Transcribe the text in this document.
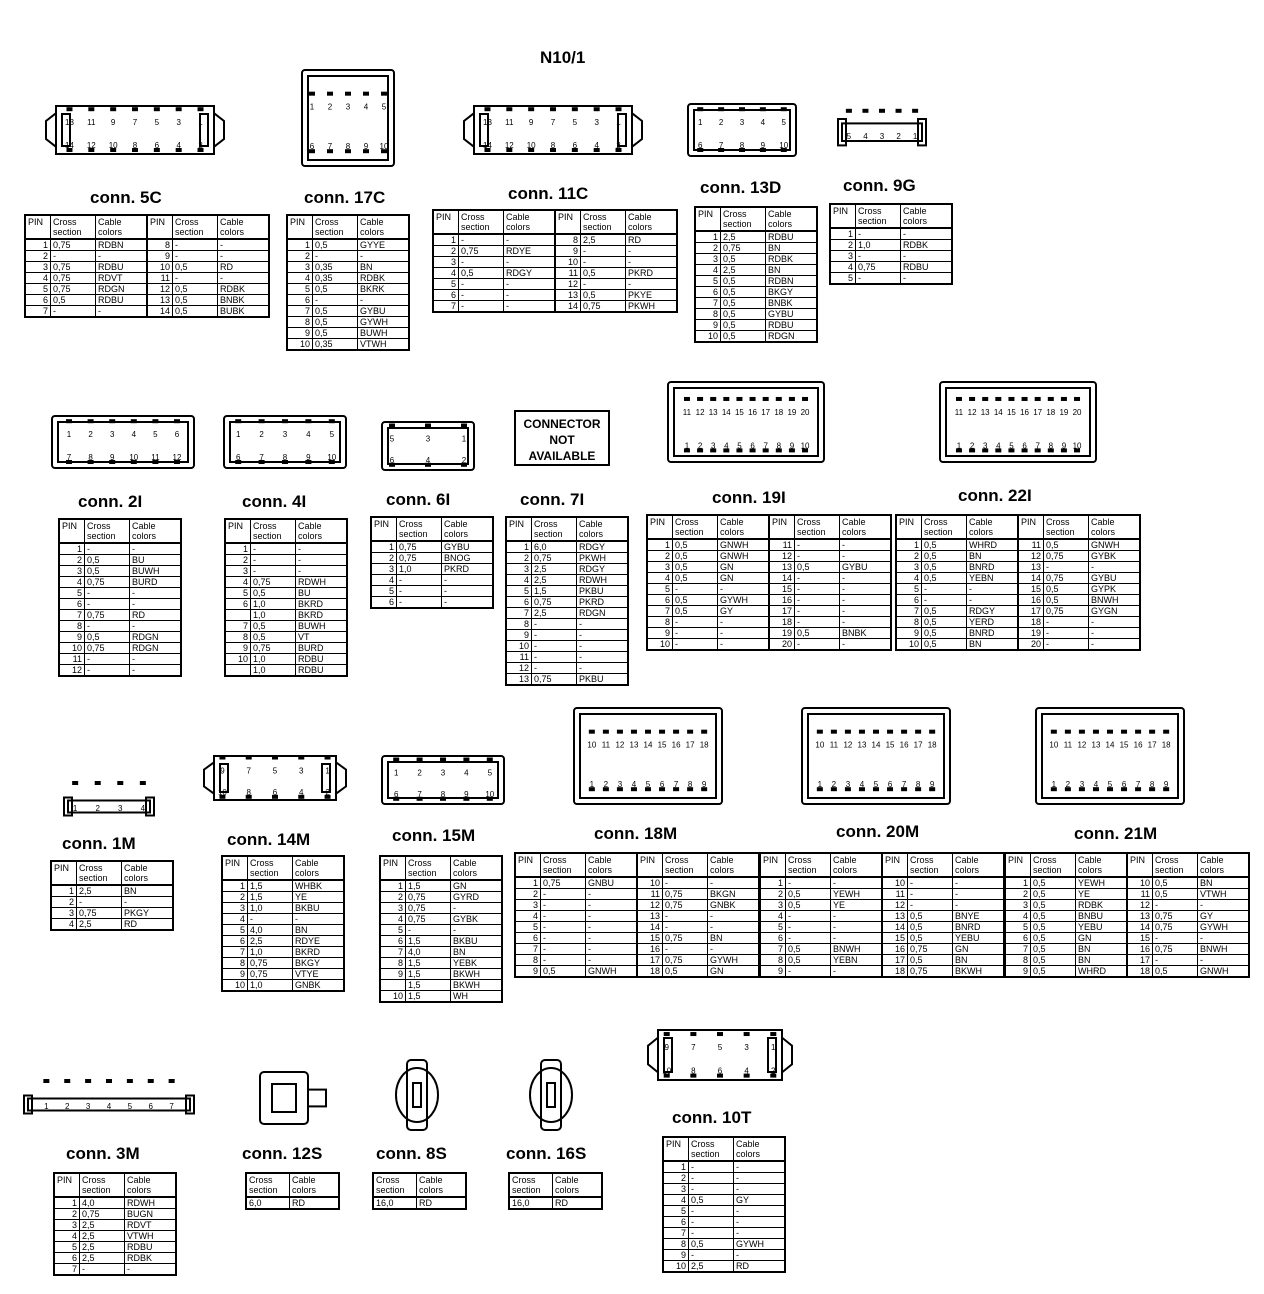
N10/1
CONNECTOR
NOT
AVAILABLE
conn. 5C	conn. 17C	conn. 11C	conn. 13D	conn. 9G
conn. 2I	conn. 4I	conn. 6I	conn. 7I	conn. 19I	conn. 22I
conn. 1M	conn. 14M	conn. 15M	conn. 18M	conn. 20M	conn. 21M
conn. 3M	conn. 12S	conn. 8S	conn. 16S
conn. 10T
PIN	Cross section	Cable colors	PIN	Cross section	Cable colors
1	0,75	RDBN	8	-	-
2	-	-	9	-	-
3	0,75	RDBU	10	0,5	RD
4	0,75	RDVT	11	-	-
5	0,75	RDGN	12	0,5	RDBK
6	0,5	RDBU	13	0,5	BNBK
7	-	-	14	0,5	BUBK
PIN	Cross section	Cable colors
1	0,5	GYYE
2	-	-
3	0,35	BN
4	0,35	RDBK
5	0,5	BKRK
6	-	-
7	0,5	GYBU
8	0,5	GYWH
9	0,5	BUWH
10	0,35	VTWH
PIN	Cross section	Cable colors	PIN	Cross section	Cable colors
1	-	-	8	2,5	RD
2	0,75	RDYE	9	-	-
3	-	-	10	-	-
4	0,5	RDGY	11	0,5	PKRD
5	-	-	12	-	-
6	-	-	13	0,5	PKYE
7	-	-	14	0,75	PKWH
PIN	Cross section	Cable colors
1	2,5	RDBU
2	0,75	BN
3	0,5	RDBK
4	2,5	BN
5	0,5	RDBN
6	0,5	BKGY
7	0,5	BNBK
8	0,5	GYBU
9	0,5	RDBU
10	0,5	RDGN
PIN	Cross section	Cable colors
1	-	-
2	1,0	RDBK
3	-	-
4	0,75	RDBU
5	-	-
PIN	Cross section	Cable colors
1	-	-
2	0,5	BU
3	0,5	BUWH
4	0,75	BURD
5	-	-
6	-	-
7	0,75	RD
8	-	-
9	0,5	RDGN
10	0,75	RDGN
11	-	-
12	-	-
PIN	Cross section	Cable colors
1	-	-
2	-	-
3	-	-
4	0,75	RDWH
5	0,5	BU
6	1,0	BKRD
	1,0	BKRD
7	0,5	BUWH
8	0,5	VT
9	0,75	BURD
10	1,0	RDBU
	1,0	RDBU
PIN	Cross section	Cable colors
1	0,75	GYBU
2	0,75	BNOG
3	1,0	PKRD
4	-	-
5	-	-
6	-	-
PIN	Cross section	Cable colors
1	6,0	RDGY
2	0,75	PKWH
3	2,5	RDGY
4	2,5	RDWH
5	1,5	PKBU
6	0,75	PKRD
7	2,5	RDGN
8	-	-
9	-	-
10	-	-
11	-	-
12	-	-
13	0,75	PKBU
PIN	Cross section	Cable colors	PIN	Cross section	Cable colors
1	0,5	GNWH	11	-	-
2	0,5	GNWH	12	-	-
3	0,5	GN	13	0,5	GYBU
4	0,5	GN	14	-	-
5	-	-	15	-	-
6	0,5	GYWH	16	-	-
7	0,5	GY	17	-	-
8	-	-	18	-	-
9	-	-	19	0,5	BNBK
10	-	-	20	-	-
PIN	Cross section	Cable colors	PIN	Cross section	Cable colors
1	0,5	WHRD	11	0,5	GNWH
2	0,5	BN	12	0,75	GYBK
3	0,5	BNRD	13	-	-
4	0,5	YEBN	14	0,75	GYBU
5	-	-	15	0,5	GYPK
6	-	-	16	0,5	BNWH
7	0,5	RDGY	17	0,75	GYGN
8	0,5	YERD	18	-	-
9	0,5	BNRD	19	-	-
10	0,5	BN	20	-	-
PIN	Cross section	Cable colors
1	2,5	BN
2	-	-
3	0,75	PKGY
4	2,5	RD
PIN	Cross section	Cable colors
1	1,5	WHBK
2	1,5	YE
3	1,0	BKBU
4	-	-
5	4,0	BN
6	2,5	RDYE
7	1,0	BKRD
8	0,75	BKGY
9	0,75	VTYE
10	1,0	GNBK
PIN	Cross section	Cable colors
1	1,5	GN
2	0,75	GYRD
3	0,75	-
4	0,75	GYBK
5	-	-
6	1,5	BKBU
7	4,0	BN
8	1,5	YEBK
9	1,5	BKWH
	1,5	BKWH
10	1,5	WH
PIN	Cross section	Cable colors	PIN	Cross section	Cable colors
1	0,75	GNBU	10	-	-
2	-	-	11	0,75	BKGN
3	-	-	12	0,75	GNBK
4	-	-	13	-	-
5	-	-	14	-	-
6	-	-	15	0,75	BN
7	-	-	16	-	-
8	-	-	17	0,75	GYWH
9	0,5	GNWH	18	0,5	GN
PIN	Cross section	Cable colors	PIN	Cross section	Cable colors
1	-	-	10	-	-
2	0,5	YEWH	11	-	-
3	0,5	YE	12	-	-
4	-	-	13	0,5	BNYE
5	-	-	14	0,5	BNRD
6	-	-	15	0,5	YEBU
7	0,5	BNWH	16	0,75	GN
8	0,5	YEBN	17	0,5	BN
9	-	-	18	0,75	BKWH
PIN	Cross section	Cable colors	PIN	Cross section	Cable colors
1	0,5	YEWH	10	0,5	BN
2	0,5	YE	11	0,5	VTWH
3	0,5	RDBK	12	-	-
4	0,5	BNBU	13	0,75	GY
5	0,5	YEBU	14	0,75	GYWH
6	0,5	GN	15	-	-
7	0,5	BN	16	0,75	BNWH
8	0,5	BN	17	-	-
9	0,5	WHRD	18	0,5	GNWH
PIN	Cross section	Cable colors
1	4,0	RDWH
2	0,75	BUGN
3	2,5	RDVT
4	2,5	VTWH
5	2,5	RDBU
6	2,5	RDBK
7	-	-
Cross section	Cable colors
6,0	RD
Cross section	Cable colors
16,0	RD
Cross section	Cable colors
16,0	RD
PIN	Cross section	Cable colors
1	-	-
2	-	-
3	-	-
4	0,5	GY
5	-	-
6	-	-
7	-	-
8	0,5	GYWH
9	-	-
10	2,5	RD
13 11 9 7 5 3 1
14 12 10 8 6 4 2
1 2 3 4 5
6 7 8 9 10
13 11 9 7 5 3 1
14 12 10 8 6 4 2
1 2 3 4 5
6 7 8 9 10
5 4 3 2 1
1 2 3 4 5 6
7 8 9 10 11 12
1 2 3 4 5
6 7 8 9 10
5	3	1
6	4	2
11 12 13 14 15 16 17 18 19 20
1 2 3 4 5 6 7 8 9 10
11 12 13 14 15 16 17 18 19 20
1 2 3 4 5 6 7 8 9 10
1 2 3 4
9	7	5	3	1
10 8	6	4	2
1 2 3 4 5
6 7 8 9 10
10 11 12 13 14 15 16 17 18
1 2 3 4 5 6 7 8 9
10 11 12 13 14 15 16 17 18
1 2 3 4 5 6 7 8 9
10 11 12 13 14 15 16 17 18
1 2 3 4 5 6 7 8 9
1 2 3 4 5 6 7
9	7	5	3	1
10 8	6	4	2
